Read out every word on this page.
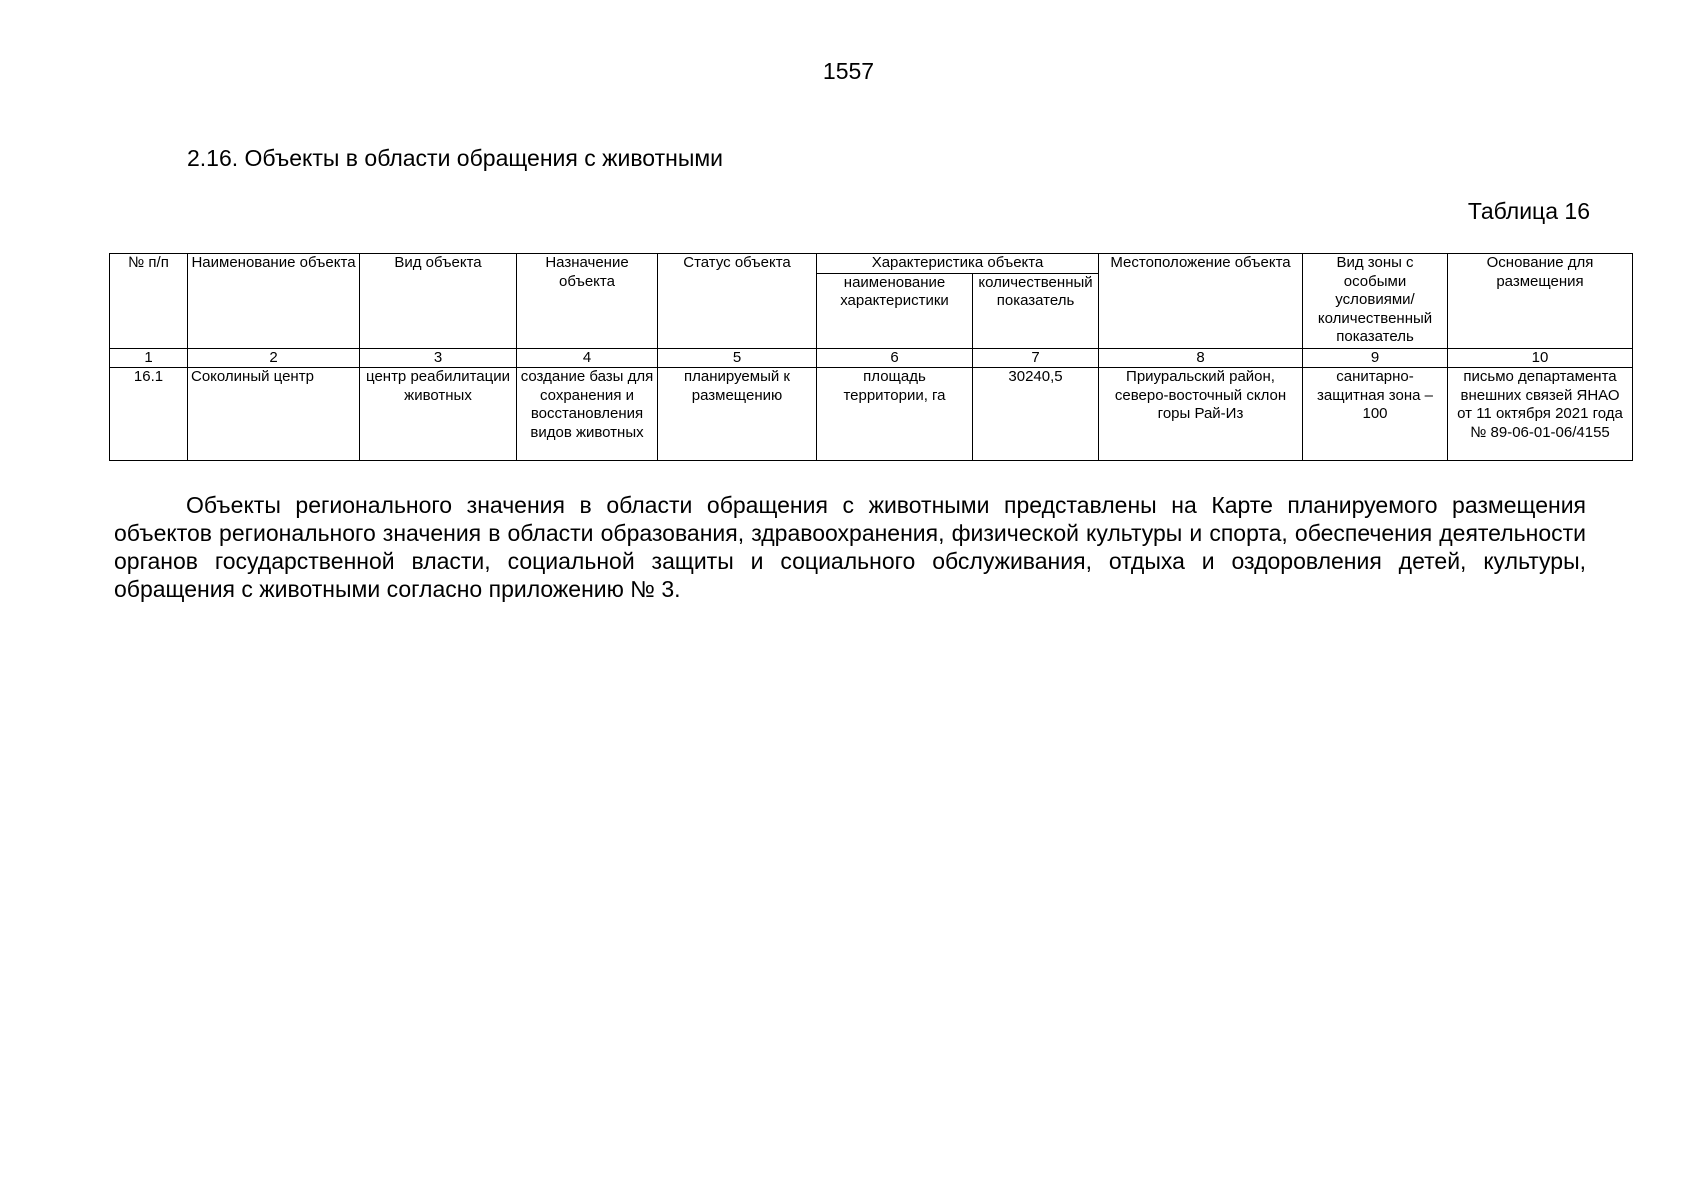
1557
2.16. Объекты в области обращения с животными
Таблица 16
№ п/п	Наименование объекта	Вид объекта	Назначение объекта	Статус объекта	Характеристика объекта		Местоположение объекта	Вид зоны с особыми условиями/ количественный показатель	Основание для размещения
					наименование характеристики	количественный показатель			
1	2	3	4	5	6	7	8	9	10
16.1	Соколиный центр	центр реабилитации животных	создание базы для сохранения и восстановления видов животных	планируемый к размещению	площадь территории, га	30240,5	Приуральский район, северо-восточный склон горы Рай-Из	санитарно-защитная зона – 100	письмо департамента внешних связей ЯНАО от 11 октября 2021 года № 89-06-01-06/4155

Объекты регионального значения в области обращения с животными представлены на Карте планируемого размещения объектов регионального значения в области образования, здравоохранения, физической культуры и спорта, обеспечения деятельности органов государственной власти, социальной защиты и социального обслуживания, отдыха и оздоровления детей, культуры, обращения с животными согласно приложению № 3.
